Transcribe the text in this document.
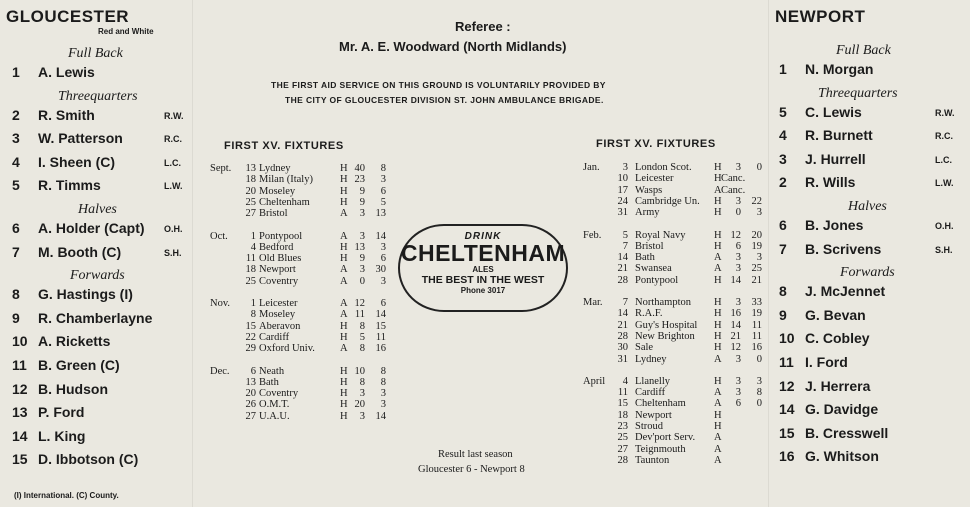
GLOUCESTER
Red and White
Full Back
1 A. Lewis
Threequarters
2 R. Smith	R.W.
3 W. Patterson	R.C.
4 I. Sheen (C)	L.C.
5 R. Timms	L.W.
Halves
6 A. Holder (Capt) O.H.
7 M. Booth (C)	S.H.
Forwards
8 G. Hastings (I)
9 R. Chamberlayne
10 A. Ricketts
11 B. Green (C)
12 B. Hudson
13 P. Ford
14 L. King
15 D. Ibbotson (C)
(I) International. (C) County.
NEWPORT
Full Back
1 N. Morgan
Threequarters
5 C. Lewis	R.W.
4 R. Burnett	R.C.
3 J. Hurrell	L.C.
2 R. Wills	L.W.
Halves
6 B. Jones	O.H.
7 B. Scrivens	S.H.
Forwards
8 J. McJennet
9 G. Bevan
10 C. Cobley
11 I. Ford
12 J. Herrera
14 G. Davidge
15 B. Cresswell
16 G. Whitson
Referee :
Mr. A. E. Woodward (North Midlands)
THE FIRST AID SERVICE ON THIS GROUND IS VOLUNTARILY PROVIDED BY
THE CITY OF GLOUCESTER DIVISION ST. JOHN AMBULANCE BRIGADE.
FIRST XV. FIXTURES	FIRST XV. FIXTURES
Sept.	13 Lydney	H 40	8
18 Milan (Italy)	H 23	3
20 Moseley	H	9	6
25 Cheltenham	H	9	5
27 Bristol	A	3	13
Oct.	1 Pontypool	A	3	14
4 Bedford	H 13	3
11 Old Blues	H	9	6
18 Newport	A	3	30
25 Coventry	A	0	3
Nov.	1 Leicester	A 12	6
8 Moseley	A 11	14
15 Aberavon	H	8	15
22 Cardiff	H	5	11
29 Oxford Univ. A	8	16
Dec.	6 Neath	H 10	8
13 Bath	H	8	8
20 Coventry	H	3	3
26 O.M.T.	H 20	3
27 U.A.U.	H	3	14
Jan.	3 London Scot. H	3	0
10 Leicester	H Canc.
17 Wasps	A Canc.
24 Cambridge Un. H	3	22
31 Army	H	0	3
Feb.	5 Royal Navy	H 12	20
7 Bristol	H	6	19
14 Bath	A	3	3
21 Swansea	A	3	25
28 Pontypool	H 14	21
Mar.	7 Northampton H	3	33
14 R.A.F.	H 16	19
21 Guy's Hospital H 14	11
28 New Brighton H 21	11
30 Sale	H 12	16
31 Lydney	A	3	0
April	4 Llanelly	H	3	3
11 Cardiff	A	3	8
15 Cheltenham	A	6	0
18 Newport	H
23 Stroud	H
25 Dev'port Serv. A
27 Teignmouth	A
28 Taunton	A
DRINK
CHELTENHAM
ALES
THE BEST IN THE WEST
Phone 3017
Result last season
Gloucester 6 - Newport 8
